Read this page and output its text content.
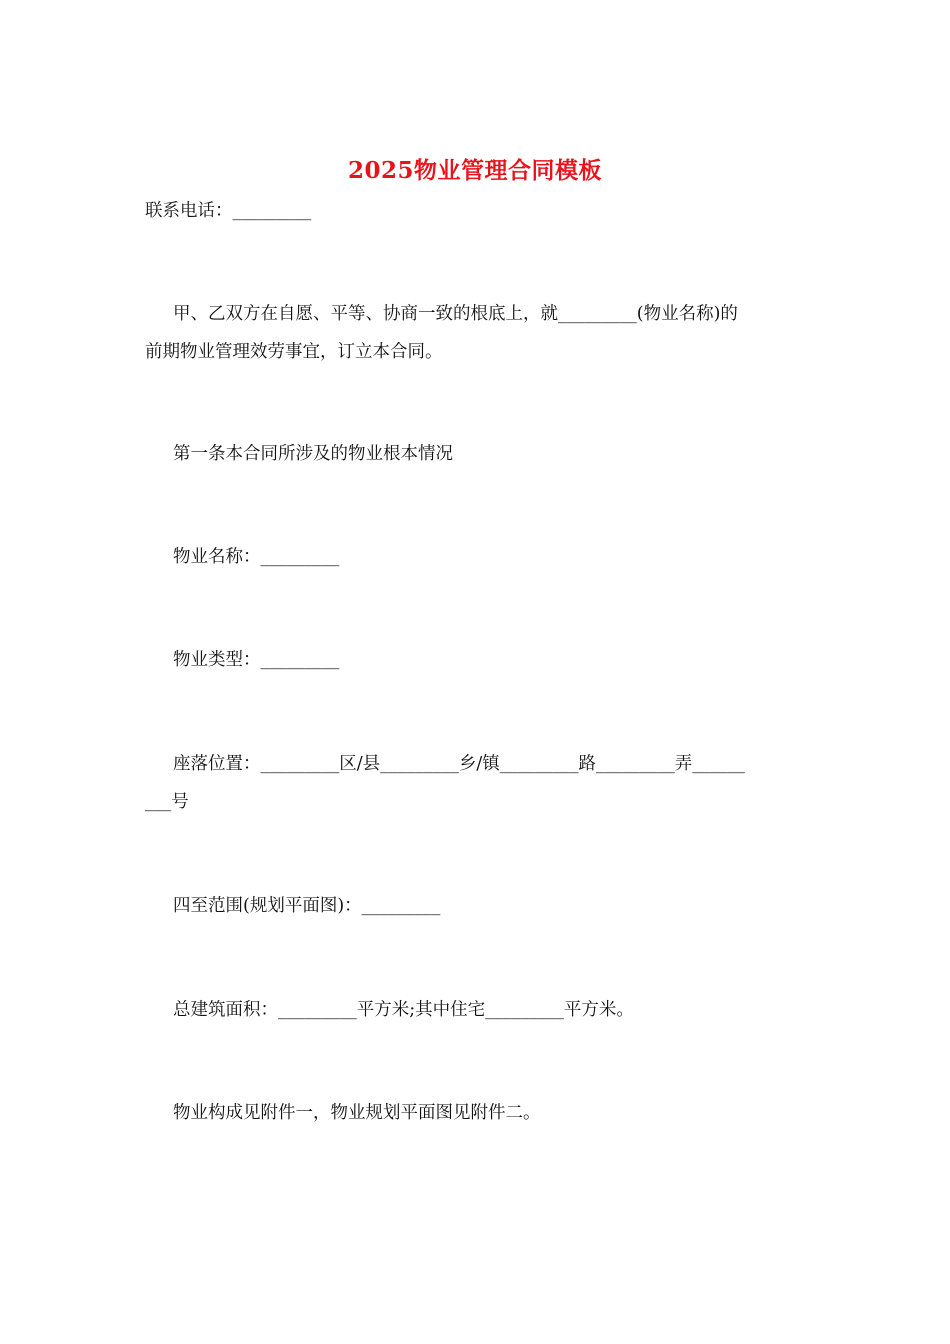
2025物业管理合同模板
联系电话：_________
甲、乙双方在自愿、平等、协商一致的根底上，就_________(物业名称)的
前期物业管理效劳事宜，订立本合同。
第一条本合同所涉及的物业根本情况
物业名称：_________
物业类型：_________
座落位置：_________区/县_________乡/镇_________路_________弄______
___号
四至范围(规划平面图)：_________
总建筑面积：_________平方米;其中住宅_________平方米。
物业构成见附件一，物业规划平面图见附件二。
